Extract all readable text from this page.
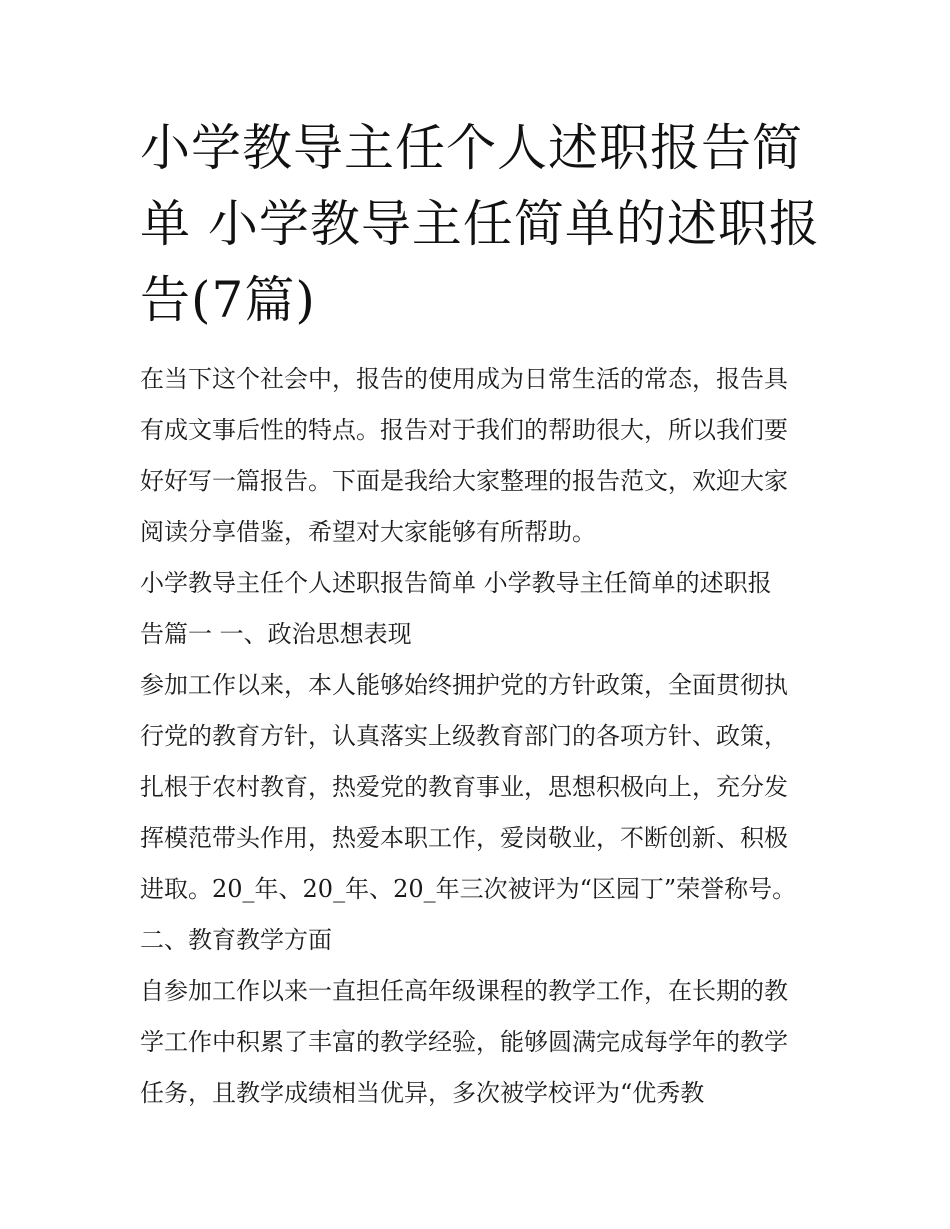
小学教导主任个人述职报告简
单 小学教导主任简单的述职报
告(7篇)
在当下这个社会中，报告的使用成为日常生活的常态，报告具
有成文事后性的特点。报告对于我们的帮助很大，所以我们要
好好写一篇报告。下面是我给大家整理的报告范文，欢迎大家
阅读分享借鉴，希望对大家能够有所帮助。
小学教导主任个人述职报告简单 小学教导主任简单的述职报
告篇一 一、政治思想表现
参加工作以来，本人能够始终拥护党的方针政策，全面贯彻执
行党的教育方针，认真落实上级教育部门的各项方针、政策，
扎根于农村教育，热爱党的教育事业，思想积极向上，充分发
挥模范带头作用，热爱本职工作，爱岗敬业，不断创新、积极
进取。20_年、20_年、20_年三次被评为“区园丁”荣誉称号。
二、教育教学方面
自参加工作以来一直担任高年级课程的教学工作，在长期的教
学工作中积累了丰富的教学经验，能够圆满完成每学年的教学
任务，且教学成绩相当优异，多次被学校评为“优秀教
